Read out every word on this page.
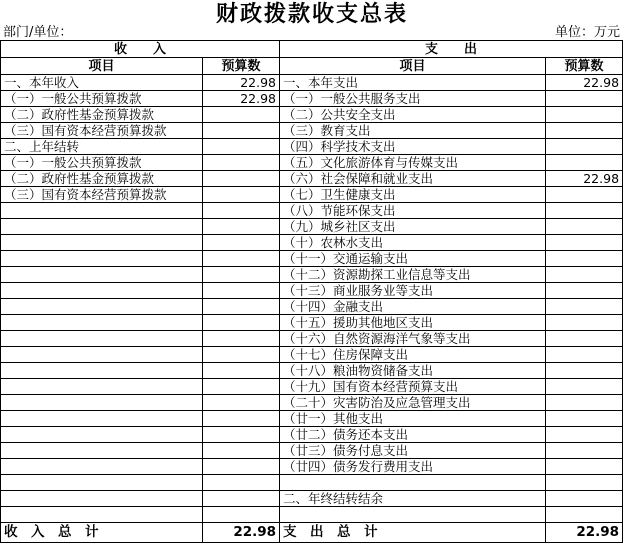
财政拨款收支总表
部门/单位：	单位：万元
收　　入		支　　出	
项目	预算数	项目	预算数
一、本年收入	22.98	一、本年支出	22.98
（一）一般公共预算拨款	22.98	（一）一般公共服务支出	
（二）政府性基金预算拨款		（二）公共安全支出	
（三）国有资本经营预算拨款		（三）教育支出	
二、上年结转		（四）科学技术支出	
（一）一般公共预算拨款		（五）文化旅游体育与传媒支出	
（二）政府性基金预算拨款		（六）社会保障和就业支出	22.98
（三）国有资本经营预算拨款		（七）卫生健康支出	
		（八）节能环保支出	
		（九）城乡社区支出	
		（十）农林水支出	
		（十一）交通运输支出	
		（十二）资源勘探工业信息等支出	
		（十三）商业服务业等支出	
		（十四）金融支出	
		（十五）援助其他地区支出	
		（十六）自然资源海洋气象等支出	
		（十七）住房保障支出	
		（十八）粮油物资储备支出	
		（十九）国有资本经营预算支出	
		（二十）灾害防治及应急管理支出	
		（廿一）其他支出	
		（廿二）债务还本支出	
		（廿三）债务付息支出	
		（廿四）债务发行费用支出	

		二、年终结转结余	

收　入　总　计	22.98	支　出　总　计	22.98
